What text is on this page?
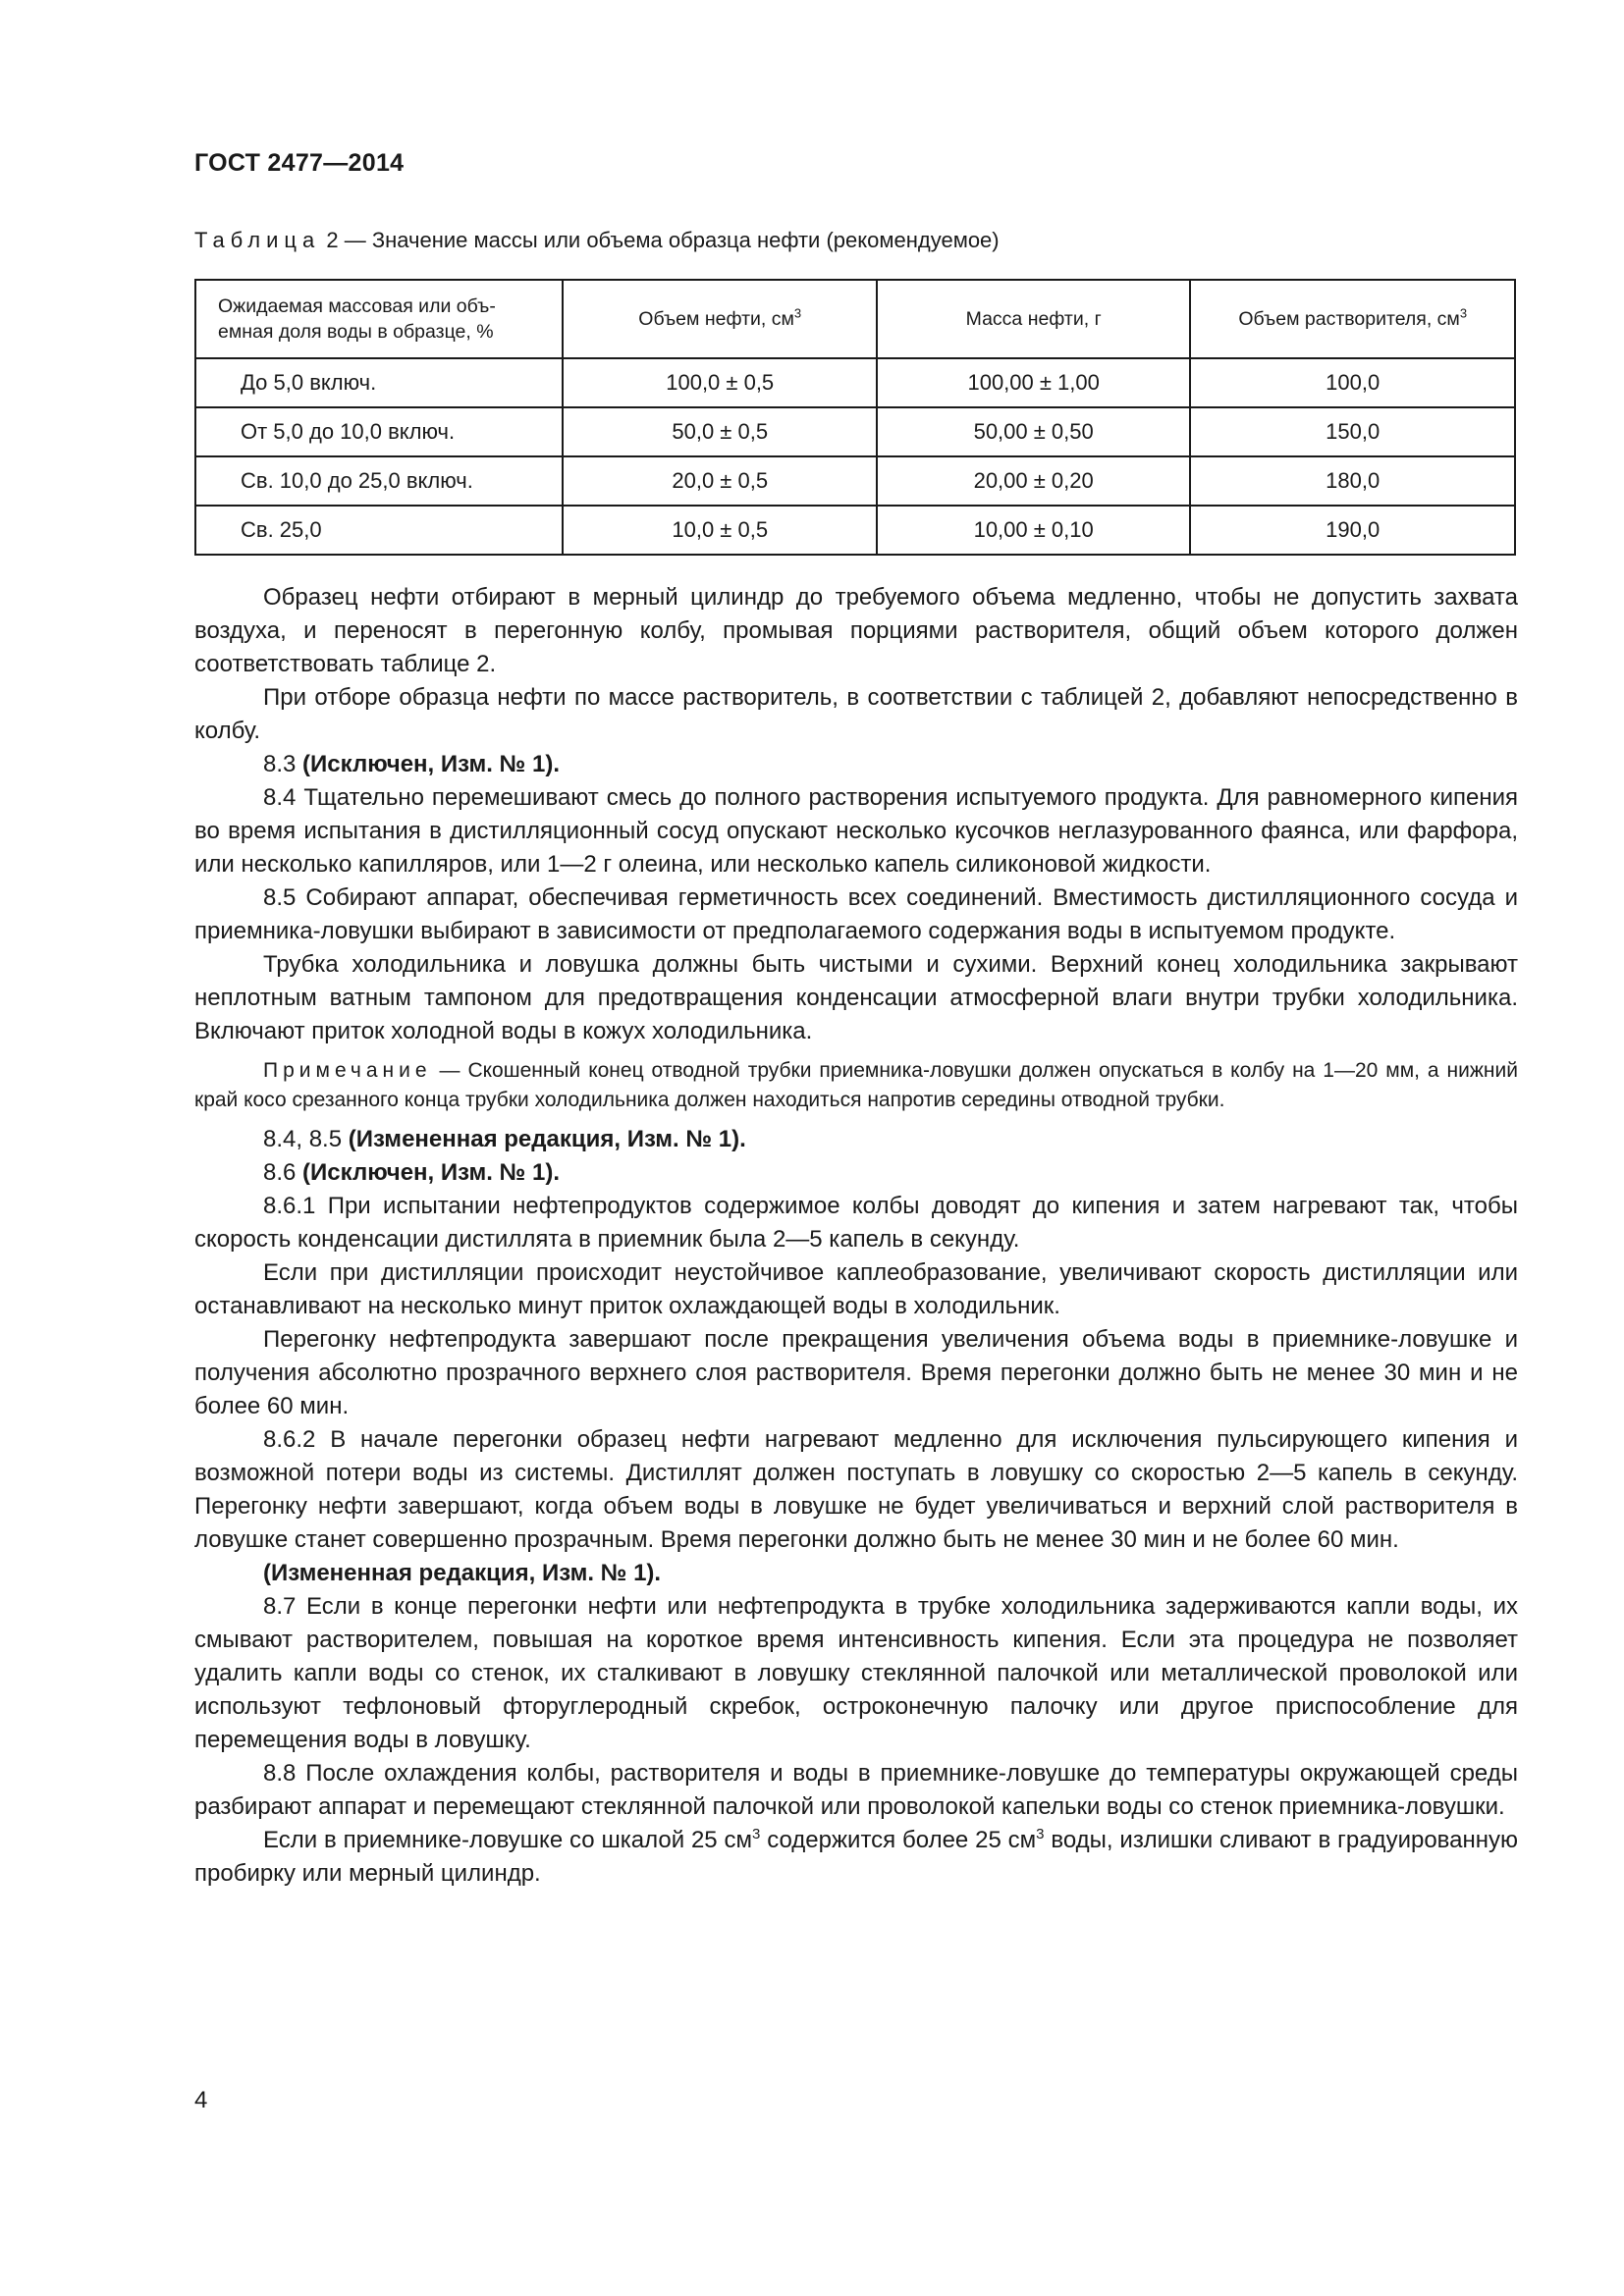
ГОСТ 2477—2014
Таблица 2 — Значение массы или объема образца нефти (рекомендуемое)
Ожидаемая массовая или объ-
емная доля воды в образце, %	Объем нефти, $см^3$	Масса нефти, г	Объем растворителя, $см^3$
До 5,0 включ.	100,0 ± 0,5	100,00 ± 1,00	100,0
От 5,0 до 10,0 включ.	50,0 ± 0,5	50,00 ± 0,50	150,0
Св. 10,0 до 25,0 включ.	20,0 ± 0,5	20,00 ± 0,20	180,0
Св. 25,0	10,0 ± 0,5	10,00 ± 0,10	190,0

Образец нефти отбирают в мерный цилиндр до требуемого объема медленно, чтобы не допустить захвата воздуха, и переносят в перегонную колбу, промывая порциями растворителя, общий объем которого должен соответствовать таблице 2.

При отборе образца нефти по массе растворитель, в соответствии с таблицей 2, добавляют непосредственно в колбу.

8.3 (Исключен, Изм. № 1).

8.4 Тщательно перемешивают смесь до полного растворения испытуемого продукта. Для равномерного кипения во время испытания в дистилляционный сосуд опускают несколько кусочков неглазурованного фаянса, или фарфора, или несколько капилляров, или 1—2 г олеина, или несколько капель силиконовой жидкости.

8.5 Собирают аппарат, обеспечивая герметичность всех соединений. Вместимость дистилляционного сосуда и приемника-ловушки выбирают в зависимости от предполагаемого содержания воды в испытуемом продукте.

Трубка холодильника и ловушка должны быть чистыми и сухими. Верхний конец холодильника закрывают неплотным ватным тампоном для предотвращения конденсации атмосферной влаги внутри трубки холодильника. Включают приток холодной воды в кожух холодильника.

Примечание — Скошенный конец отводной трубки приемника-ловушки должен опускаться в колбу на 1—20 мм, а нижний край косо срезанного конца трубки холодильника должен находиться напротив середины отводной трубки.

8.4, 8.5 (Измененная редакция, Изм. № 1).

8.6 (Исключен, Изм. № 1).

8.6.1 При испытании нефтепродуктов содержимое колбы доводят до кипения и затем нагревают так, чтобы скорость конденсации дистиллята в приемник была 2—5 капель в секунду.

Если при дистилляции происходит неустойчивое каплеобразование, увеличивают скорость дистилляции или останавливают на несколько минут приток охлаждающей воды в холодильник.

Перегонку нефтепродукта завершают после прекращения увеличения объема воды в приемнике-ловушке и получения абсолютно прозрачного верхнего слоя растворителя. Время перегонки должно быть не менее 30 мин и не более 60 мин.

8.6.2 В начале перегонки образец нефти нагревают медленно для исключения пульсирующего кипения и возможной потери воды из системы. Дистиллят должен поступать в ловушку со скоростью 2—5 капель в секунду. Перегонку нефти завершают, когда объем воды в ловушке не будет увеличиваться и верхний слой растворителя в ловушке станет совершенно прозрачным. Время перегонки должно быть не менее 30 мин и не более 60 мин.

(Измененная редакция, Изм. № 1).

8.7 Если в конце перегонки нефти или нефтепродукта в трубке холодильника задерживаются капли воды, их смывают растворителем, повышая на короткое время интенсивность кипения. Если эта процедура не позволяет удалить капли воды со стенок, их сталкивают в ловушку стеклянной палочкой или металлической проволокой или используют тефлоновый фторуглеродный скребок, остроконечную палочку или другое приспособление для перемещения воды в ловушку.

8.8 После охлаждения колбы, растворителя и воды в приемнике-ловушке до температуры окружающей среды разбирают аппарат и перемещают стеклянной палочкой или проволокой капельки воды со стенок приемника-ловушки.

Если в приемнике-ловушке со шкалой 25 $см^3$ содержится более 25 $см^3$ воды, излишки сливают в градуированную пробирку или мерный цилиндр.

4
